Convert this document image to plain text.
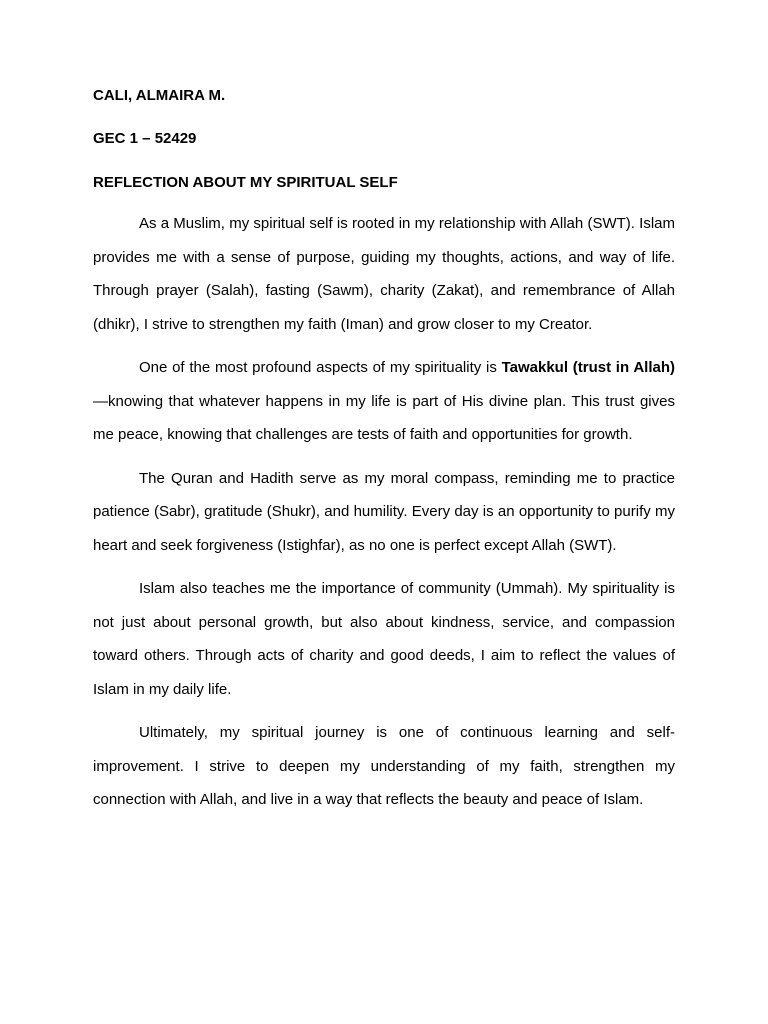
CALI, ALMAIRA M.

GEC 1 – 52429

REFLECTION ABOUT MY SPIRITUAL SELF

As a Muslim, my spiritual self is rooted in my relationship with Allah (SWT). Islam provides me with a sense of purpose, guiding my thoughts, actions, and way of life. Through prayer (Salah), fasting (Sawm), charity (Zakat), and remembrance of Allah (dhikr), I strive to strengthen my faith (Iman) and grow closer to my Creator.

One of the most profound aspects of my spirituality is Tawakkul (trust in Allah)—knowing that whatever happens in my life is part of His divine plan. This trust gives me peace, knowing that challenges are tests of faith and opportunities for growth.

The Quran and Hadith serve as my moral compass, reminding me to practice patience (Sabr), gratitude (Shukr), and humility. Every day is an opportunity to purify my heart and seek forgiveness (Istighfar), as no one is perfect except Allah (SWT).

Islam also teaches me the importance of community (Ummah). My spirituality is not just about personal growth, but also about kindness, service, and compassion toward others. Through acts of charity and good deeds, I aim to reflect the values of Islam in my daily life.

Ultimately, my spiritual journey is one of continuous learning and self-improvement. I strive to deepen my understanding of my faith, strengthen my connection with Allah, and live in a way that reflects the beauty and peace of Islam.
